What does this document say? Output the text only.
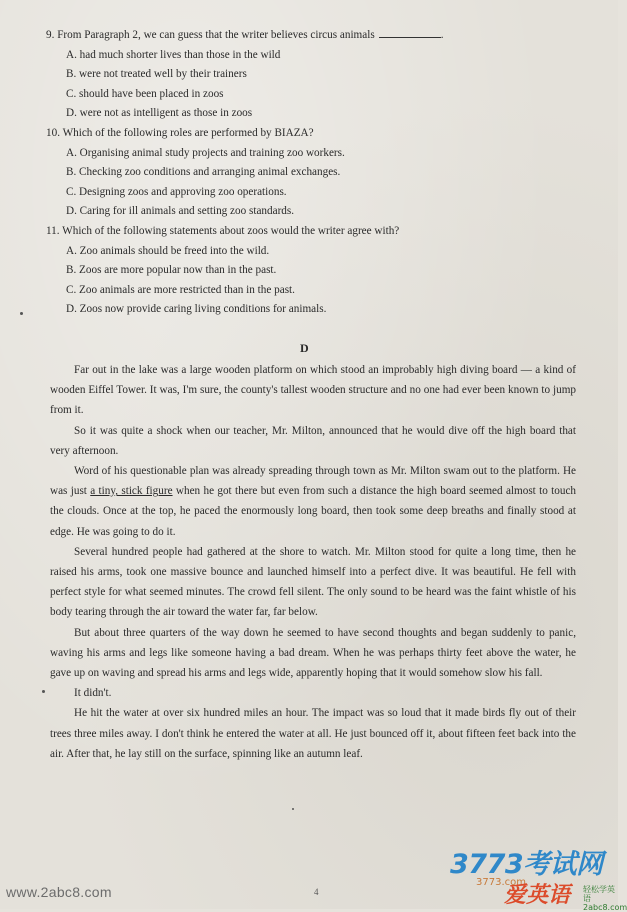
9. From Paragraph 2, we can guess that the writer believes circus animals	.
A. had much shorter lives than those in the wild
B. were not treated well by their trainers
C. should have been placed in zoos
D. were not as intelligent as those in zoos
10. Which of the following roles are performed by BIAZA?
A. Organising animal study projects and training zoo workers.
B. Checking zoo conditions and arranging animal exchanges.
C. Designing zoos and approving zoo operations.
D. Caring for ill animals and setting zoo standards.
11. Which of the following statements about zoos would the writer agree with?
A. Zoo animals should be freed into the wild.
B. Zoos are more popular now than in the past.
C. Zoo animals are more restricted than in the past.
D. Zoos now provide caring living conditions for animals.
D

Far out in the lake was a large wooden platform on which stood an improbably high diving board — a kind of wooden Eiffel Tower. It was, I'm sure, the county's tallest wooden structure and no one had ever been known to jump from it.

So it was quite a shock when our teacher, Mr. Milton, announced that he would dive off the high board that very afternoon.

Word of his questionable plan was already spreading through town as Mr. Milton swam out to the platform. He was just a tiny, stick figure when he got there but even from such a distance the high board seemed almost to touch the clouds. Once at the top, he paced the enormously long board, then took some deep breaths and finally stood at edge. He was going to do it.

Several hundred people had gathered at the shore to watch. Mr. Milton stood for quite a long time, then he raised his arms, took one massive bounce and launched himself into a perfect dive. It was beautiful. He fell with perfect style for what seemed minutes. The crowd fell silent. The only sound to be heard was the faint whistle of his body tearing through the air toward the water far, far below.

But about three quarters of the way down he seemed to have second thoughts and began suddenly to panic, waving his arms and legs like someone having a bad dream. When he was perhaps thirty feet above the water, he gave up on waving and spread his arms and legs wide, apparently hoping that it would somehow slow his fall.

It didn't.

He hit the water at over six hundred miles an hour. The impact was so loud that it made birds fly out of their trees three miles away. I don't think he entered the water at all. He just bounced off it, about fifteen feet back into the air. After that, he lay still on the surface, spinning like an autumn leaf.

4
www.2abc8.com
3773考试网
3773.com
爱英语 轻松学英语 2abc8.com
